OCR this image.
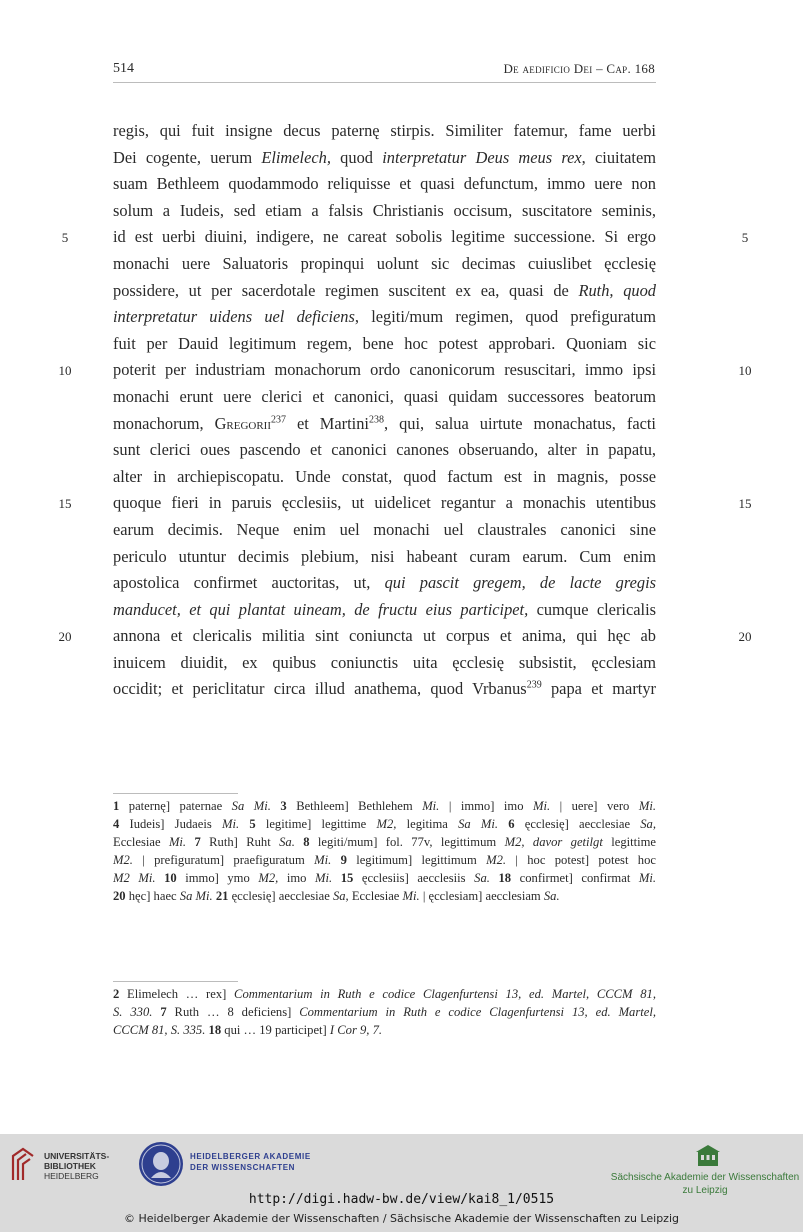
514	De aedificio Dei – Cap. 168
regis, qui fuit insigne decus paternę stirpis. Similiter fatemur, fame uerbi
Dei cogente, uerum Elimelech, quod interpretatur Deus meus rex, ciuitatem
suam Bethleem quodammodo reliquisse et quasi defunctum, immo uere non
solum a Iudeis, sed etiam a falsis Christianis occisum, suscitatore seminis,
id est uerbi diuini, indigere, ne careat sobolis legitime successione. Si ergo
monachi uere Saluatoris propinqui uolunt sic decimas cuiuslibet ęcclesię
possidere, ut per sacerdotale regimen suscitent ex ea, quasi de Ruth, quod
interpretatur uidens uel deficiens, legiti/mum regimen, quod prefiguratum
fuit per Dauid legitimum regem, bene hoc potest approbari. Quoniam sic
poterit per industriam monachorum ordo canonicorum resuscitari, immo ipsi
monachi erunt uere clerici et canonici, quasi quidam successores beatorum
monachorum, Gregorii$^{237}$ et Martini$^{238}$, qui, salua uirtute monachatus, facti
sunt clerici oues pascendo et canonici canones obseruando, alter in papatu,
alter in archiepiscopatu. Unde constat, quod factum est in magnis, posse
quoque fieri in paruis ęcclesiis, ut uidelicet regantur a monachis utentibus
earum decimis. Neque enim uel monachi uel claustrales canonici sine
periculo utuntur decimis plebium, nisi habeant curam earum. Cum enim
apostolica confirmet auctoritas, ut, qui pascit gregem, de lacte gregis
manducet, et qui plantat uineam, de fructu eius participet, cumque clericalis
annona et clericalis militia sint coniuncta ut corpus et anima, qui hęc ab
inuicem diuidit, ex quibus coniunctis uita ęcclesię subsistit, ęcclesiam
occidit; et periclitatur circa illud anathema, quod Vrbanus$^{239}$ papa et martyr
5	5
10	10
15	15
20	20
1 paternę] paternae Sa Mi. 3 Bethleem] Bethlehem Mi. | immo] imo Mi. | uere] vero Mi.
4 Iudeis] Judaeis Mi. 5 legitime] legittime M2, legitima Sa Mi. 6 ęcclesię] aecclesiae Sa,
Ecclesiae Mi. 7 Ruth] Ruht Sa. 8 legiti/mum] fol. 77v, legittimum M2, davor getilgt legittime
M2. | prefiguratum] praefiguratum Mi. 9 legitimum] legittimum M2. | hoc potest] potest hoc
M2 Mi. 10 immo] ymo M2, imo Mi. 15 ęcclesiis] aecclesiis Sa. 18 confirmet] confirmat Mi.
20 hęc] haec Sa Mi. 21 ęcclesię] aecclesiae Sa, Ecclesiae Mi. | ęcclesiam] aecclesiam Sa.
2 Elimelech … rex] Commentarium in Ruth e codice Clagenfurtensi 13, ed. Martel, CCCM 81,
S. 330. 7 Ruth … 8 deficiens] Commentarium in Ruth e codice Clagenfurtensi 13, ed. Martel,
CCCM 81, S. 335. 18 qui … 19 participet] I Cor 9, 7.
UNIVERSITÄTS-
BIBLIOTHEK
HEIDELBERG
HEIDELBERGER AKADEMIE
DER WISSENSCHAFTEN
Sächsische Akademie der Wissenschaften
zu Leipzig
http://digi.hadw-bw.de/view/kai8_1/0515
© Heidelberger Akademie der Wissenschaften / Sächsische Akademie der Wissenschaften zu Leipzig
